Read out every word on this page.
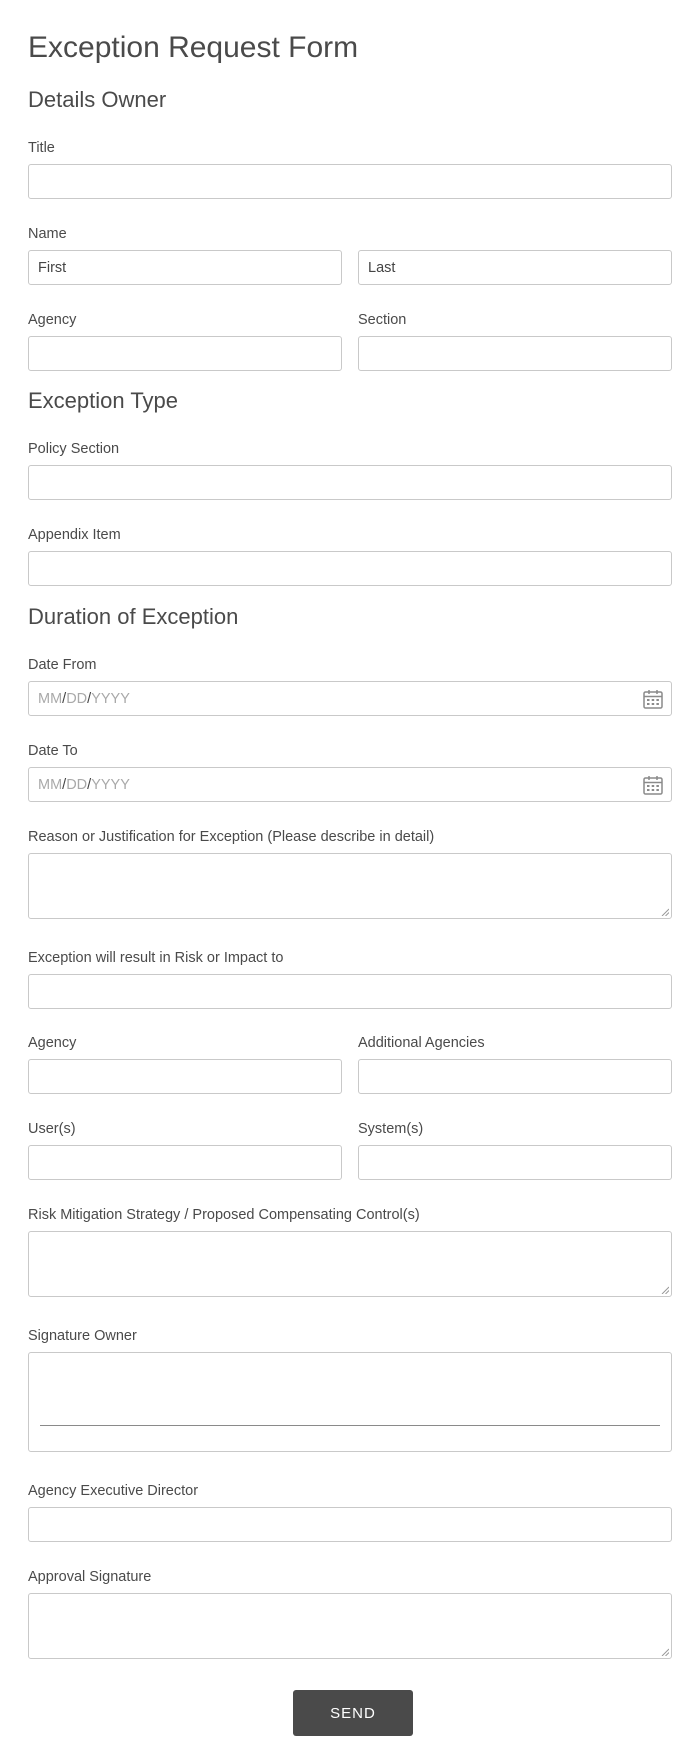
Exception Request Form
Details Owner
Title
Name
First	Last
Agency	Section
Exception Type
Policy Section
Appendix Item
Duration of Exception
Date From
MM/DD/YYYY
Date To
MM/DD/YYYY
Reason or Justification for Exception (Please describe in detail)
Exception will result in Risk or Impact to
Agency	Additional Agencies
User(s)	System(s)
Risk Mitigation Strategy / Proposed Compensating Control(s)
Signature Owner
Agency Executive Director
Approval Signature
SEND
